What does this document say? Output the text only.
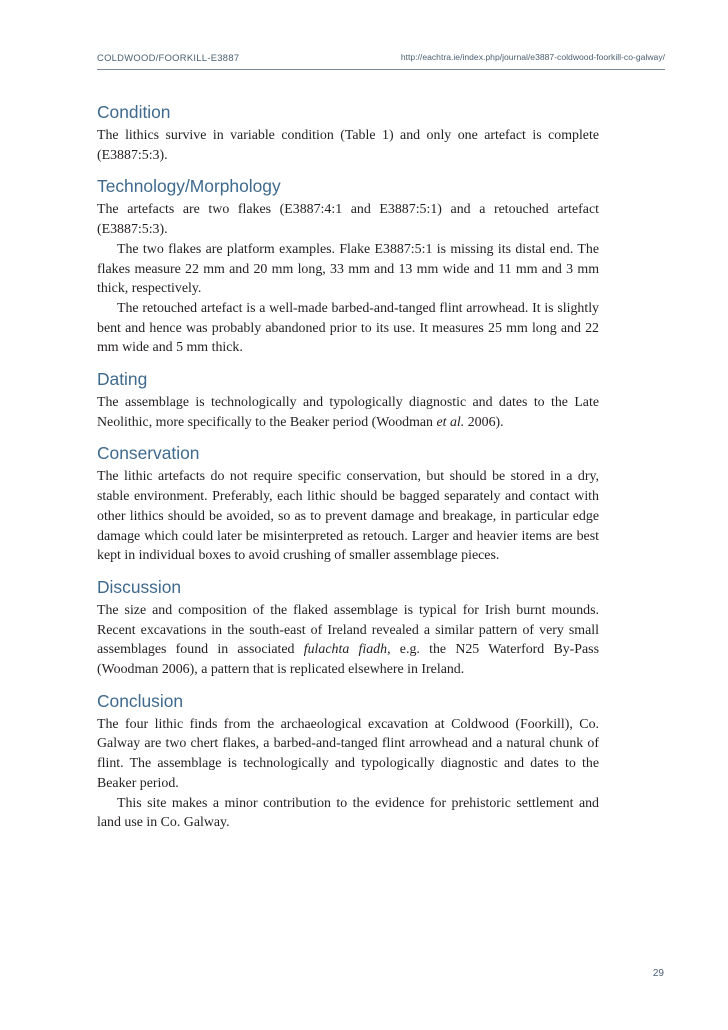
COLDWOOD/FOORKILL-E3887	http://eachtra.ie/index.php/journal/e3887-coldwood-foorkill-co-galway/
Condition

The lithics survive in variable condition (Table 1) and only one artefact is complete (E3887:5:3).

Technology/Morphology

The artefacts are two flakes (E3887:4:1 and E3887:5:1) and a retouched artefact (E3887:5:3).

The two flakes are platform examples. Flake E3887:5:1 is missing its distal end. The flakes measure 22 mm and 20 mm long, 33 mm and 13 mm wide and 11 mm and 3 mm thick, respectively.

The retouched artefact is a well-made barbed-and-tanged flint arrowhead. It is slightly bent and hence was probably abandoned prior to its use. It measures 25 mm long and 22 mm wide and 5 mm thick.

Dating

The assemblage is technologically and typologically diagnostic and dates to the Late Neolithic, more specifically to the Beaker period (Woodman et al. 2006).

Conservation

The lithic artefacts do not require specific conservation, but should be stored in a dry, stable environment. Preferably, each lithic should be bagged separately and contact with other lithics should be avoided, so as to prevent damage and breakage, in particular edge damage which could later be misinterpreted as retouch. Larger and heavier items are best kept in individual boxes to avoid crushing of smaller assemblage pieces.

Discussion

The size and composition of the flaked assemblage is typical for Irish burnt mounds. Recent excavations in the south-east of Ireland revealed a similar pattern of very small assemblages found in associated fulachta fiadh, e.g. the N25 Waterford By-Pass (Woodman 2006), a pattern that is replicated elsewhere in Ireland.

Conclusion

The four lithic finds from the archaeological excavation at Coldwood (Foorkill), Co. Galway are two chert flakes, a barbed-and-tanged flint arrowhead and a natural chunk of flint. The assemblage is technologically and typologically diagnostic and dates to the Beaker period.

This site makes a minor contribution to the evidence for prehistoric settlement and land use in Co. Galway.

29
